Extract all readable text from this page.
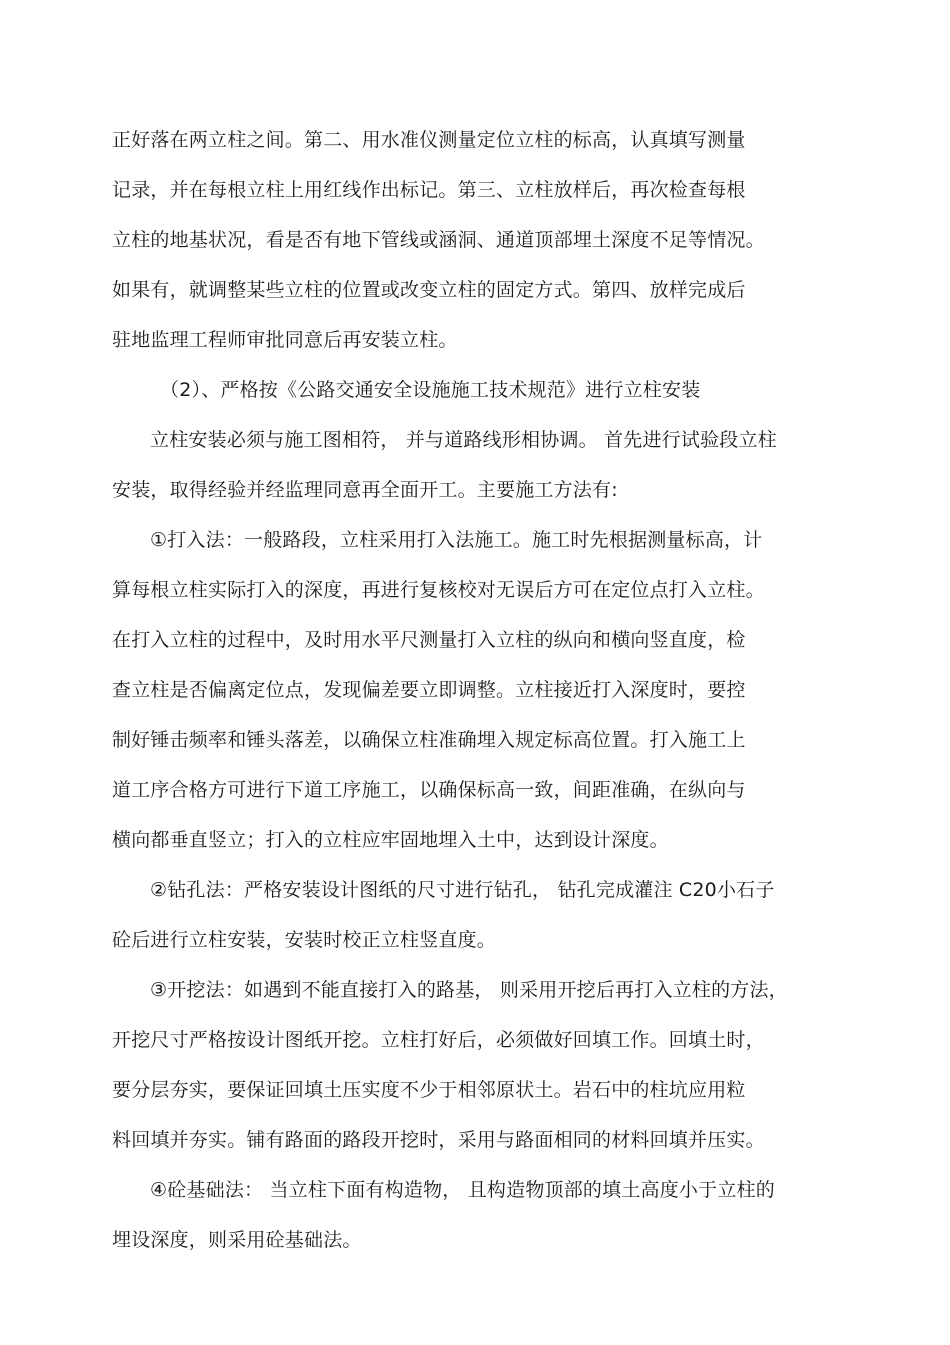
正好落在两立柱之间。第二、用水准仪测量定位立柱的标高，认真填写测量
记录，并在每根立柱上用红线作出标记。第三、立柱放样后，再次检查每根
立柱的地基状况，看是否有地下管线或涵洞、通道顶部埋土深度不足等情况。
如果有，就调整某些立柱的位置或改变立柱的固定方式。第四、放样完成后
驻地监理工程师审批同意后再安装立柱。
（2）、严格按《公路交通安全设施施工技术规范》进行立柱安装
立柱安装必须与施工图相符， 并与道路线形相协调。 首先进行试验段立柱
安装，取得经验并经监理同意再全面开工。主要施工方法有:
①打入法：一般路段，立柱采用打入法施工。施工时先根据测量标高，计
算每根立柱实际打入的深度，再进行复核校对无误后方可在定位点打入立柱。
在打入立柱的过程中，及时用水平尺测量打入立柱的纵向和横向竖直度，检
查立柱是否偏离定位点，发现偏差要立即调整。立柱接近打入深度时，要控
制好锤击频率和锤头落差，以确保立柱准确埋入规定标高位置。打入施工上
道工序合格方可进行下道工序施工，以确保标高一致，间距准确，在纵向与
横向都垂直竖立；打入的立柱应牢固地埋入土中，达到设计深度。
②钻孔法：严格安装设计图纸的尺寸进行钻孔， 钻孔完成灌注 C20小石子
砼后进行立柱安装，安装时校正立柱竖直度。
③开挖法：如遇到不能直接打入的路基， 则采用开挖后再打入立柱的方法，
开挖尺寸严格按设计图纸开挖。立柱打好后，必须做好回填工作。回填土时，
要分层夯实，要保证回填土压实度不少于相邻原状土。岩石中的柱坑应用粒
料回填并夯实。铺有路面的路段开挖时，采用与路面相同的材料回填并压实。
④砼基础法： 当立柱下面有构造物， 且构造物顶部的填土高度小于立柱的
埋设深度，则采用砼基础法。
